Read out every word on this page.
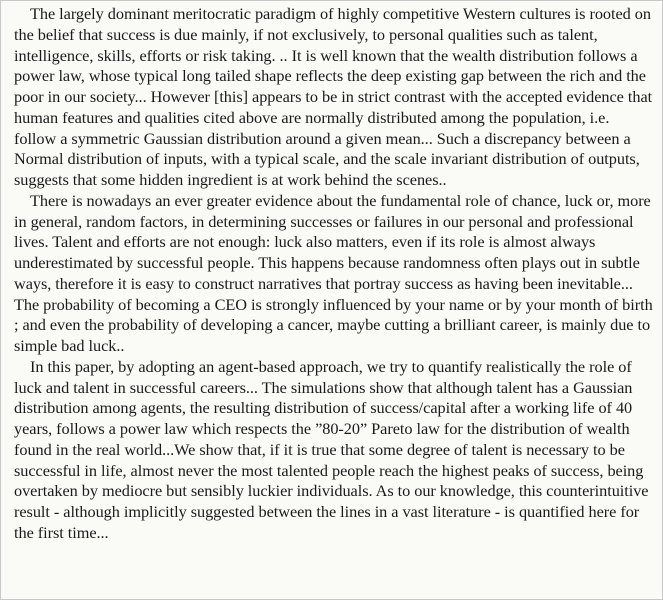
The largely dominant meritocratic paradigm of highly competitive Western cultures is rooted on the belief that success is due mainly, if not exclusively, to personal qualities such as talent, intelligence, skills, efforts or risk taking. .. It is well known that the wealth distribution follows a power law, whose typical long tailed shape reflects the deep existing gap between the rich and the poor in our society... However [this] appears to be in strict contrast with the accepted evidence that human features and qualities cited above are normally distributed among the population, i.e. follow a symmetric Gaussian distribution around a given mean... Such a discrepancy between a Normal distribution of inputs, with a typical scale, and the scale invariant distribution of outputs, suggests that some hidden ingredient is at work behind the scenes..

There is nowadays an ever greater evidence about the fundamental role of chance, luck or, more in general, random factors, in determining successes or failures in our personal and professional lives. Talent and efforts are not enough: luck also matters, even if its role is almost always underestimated by successful people. This happens because randomness often plays out in subtle ways, therefore it is easy to construct narratives that portray success as having been inevitable... The probability of becoming a CEO is strongly influenced by your name or by your month of birth ; and even the probability of developing a cancer, maybe cutting a brilliant career, is mainly due to simple bad luck..

In this paper, by adopting an agent-based approach, we try to quantify realistically the role of luck and talent in successful careers... The simulations show that although talent has a Gaussian distribution among agents, the resulting distribution of success/capital after a working life of 40 years, follows a power law which respects the ”80-20” Pareto law for the distribution of wealth found in the real world...We show that, if it is true that some degree of talent is necessary to be successful in life, almost never the most talented people reach the highest peaks of success, being overtaken by mediocre but sensibly luckier individuals. As to our knowledge, this counterintuitive result - although implicitly suggested between the lines in a vast literature - is quantified here for the first time...
